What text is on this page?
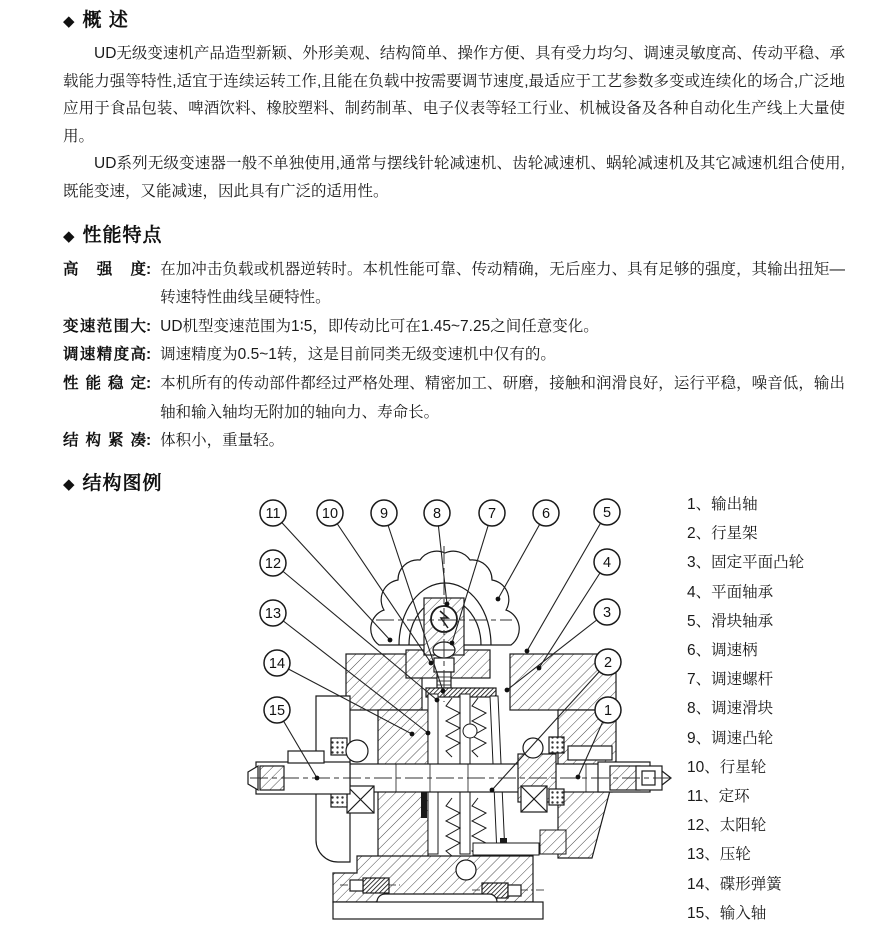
◆ 概 述

UD无级变速机产品造型新颖、外形美观、结构简单、操作方便、具有受力均匀、调速灵敏度高、传动平稳、承载能力强等特性,适宜于连续运转工作,且能在负载中按需要调节速度,最适应于工艺参数多变或连续化的场合,广泛地应用于食品包装、啤酒饮料、橡胶塑料、制药制革、电子仪表等轻工行业、机械设备及各种自动化生产线上大量使用。

UD系列无级变速器一般不单独使用,通常与摆线针轮减速机、齿轮减速机、蜗轮减速机及其它减速机组合使用,既能变速，又能减速，因此具有广泛的适用性。

◆ 性能特点
高强度 : 在加冲击负载或机器逆转时。本机性能可靠、传动精确，无后座力、具有足够的强度，其输出扭矩—转速特性曲线呈硬特性。
变速范围大 : UD机型变速范围为1∶5，即传动比可在1.45~7.25之间任意变化。
调速精度高 : 调速精度为0.5~1转，这是目前同类无级变速机中仅有的。
性能稳定 : 本机所有的传动部件都经过严格处理、精密加工、研磨，接触和润滑良好，运行平稳，噪音低，输出轴和输入轴均无附加的轴向力、寿命长。
结构紧凑 : 体积小，重量轻。
◆ 结构图例
11	10	9	8	7	6	5
4
3
2
1
12
13
14
15
1、输出轴
2、行星架
3、固定平面凸轮
4、平面轴承
5、滑块轴承
6、调速柄
7、调速螺杆
8、调速滑块
9、调速凸轮
10、行星轮
11、定环
12、太阳轮
13、压轮
14、碟形弹簧
15、输入轴
